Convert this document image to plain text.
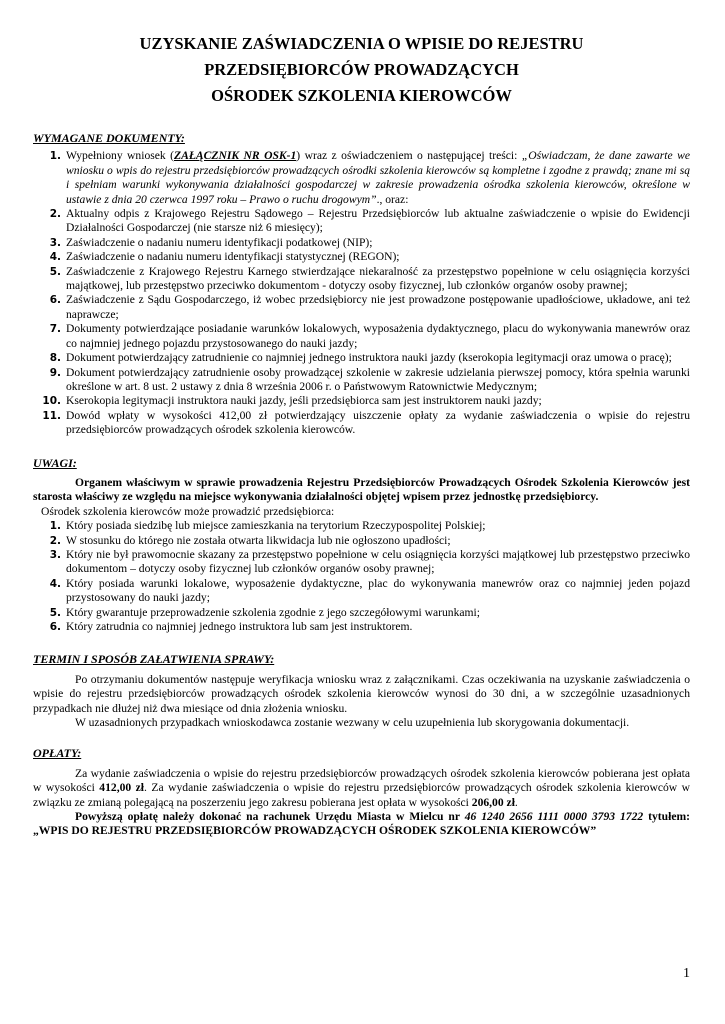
UZYSKANIE ZAŚWIADCZENIA O WPISIE DO REJESTRU

PRZEDSIĘBIORCÓW PROWADZĄCYCH

OŚRODEK SZKOLENIA KIEROWCÓW

WYMAGANE DOKUMENTY:

1. Wypełniony wniosek (ZAŁĄCZNIK NR OSK-1) wraz z oświadczeniem o następującej treści: „Oświadczam, że dane zawarte we wniosku o wpis do rejestru przedsiębiorców prowadzących ośrodki szkolenia kierowców są kompletne i zgodne z prawdą; znane mi są i spełniam warunki wykonywania działalności gospodarczej w zakresie prowadzenia ośrodka szkolenia kierowców, określone w ustawie z dnia 20 czerwca 1997 roku – Prawo o ruchu drogowym”., oraz:
2. Aktualny odpis z Krajowego Rejestru Sądowego – Rejestru Przedsiębiorców lub aktualne zaświadczenie o wpisie do Ewidencji Działalności Gospodarczej (nie starsze niż 6 miesięcy);
3. Zaświadczenie o nadaniu numeru identyfikacji podatkowej (NIP);
4. Zaświadczenie o nadaniu numeru identyfikacji statystycznej (REGON);
5. Zaświadczenie z Krajowego Rejestru Karnego stwierdzające niekaralność za przestępstwo popełnione w celu osiągnięcia korzyści majątkowej, lub przestępstwo przeciwko dokumentom - dotyczy osoby fizycznej, lub członków organów osoby prawnej;
6. Zaświadczenie z Sądu Gospodarczego, iż wobec przedsiębiorcy nie jest prowadzone postępowanie upadłościowe, układowe, ani też naprawcze;
7. Dokumenty potwierdzające posiadanie warunków lokalowych, wyposażenia dydaktycznego, placu do wykonywania manewrów oraz co najmniej jednego pojazdu przystosowanego do nauki jazdy;
8. Dokument potwierdzający zatrudnienie co najmniej jednego instruktora nauki jazdy (kserokopia legitymacji oraz umowa o pracę);
9. Dokument potwierdzający zatrudnienie osoby prowadzącej szkolenie w zakresie udzielania pierwszej pomocy, która spełnia warunki określone w art. 8 ust. 2 ustawy z dnia 8 września 2006 r. o Państwowym Ratownictwie Medycznym;
10. Kserokopia legitymacji instruktora nauki jazdy, jeśli przedsiębiorca sam jest instruktorem nauki jazdy;
11. Dowód wpłaty w wysokości 412,00 zł potwierdzający uiszczenie opłaty za wydanie zaświadczenia o wpisie do rejestru przedsiębiorców prowadzących ośrodek szkolenia kierowców.

UWAGI:

Organem właściwym w sprawie prowadzenia Rejestru Przedsiębiorców Prowadzących Ośrodek Szkolenia Kierowców jest starosta właściwy ze względu na miejsce wykonywania działalności objętej wpisem przez jednostkę przedsiębiorcy.

Ośrodek szkolenia kierowców może prowadzić przedsiębiorca:

1. Który posiada siedzibę lub miejsce zamieszkania na terytorium Rzeczypospolitej Polskiej;
2. W stosunku do którego nie została otwarta likwidacja lub nie ogłoszono upadłości;
3. Który nie był prawomocnie skazany za przestępstwo popełnione w celu osiągnięcia korzyści majątkowej lub przestępstwo przeciwko dokumentom – dotyczy osoby fizycznej lub członków organów osoby prawnej;
4. Który posiada warunki lokalowe, wyposażenie dydaktyczne, plac do wykonywania manewrów oraz co najmniej jeden pojazd przystosowany do nauki jazdy;
5. Który gwarantuje przeprowadzenie szkolenia zgodnie z jego szczegółowymi warunkami;
6. Który zatrudnia co najmniej jednego instruktora lub sam jest instruktorem.

TERMIN I SPOSÓB ZAŁATWIENIA SPRAWY:

Po otrzymaniu dokumentów następuje weryfikacja wniosku wraz z załącznikami. Czas oczekiwania na uzyskanie zaświadczenia o wpisie do rejestru przedsiębiorców prowadzących ośrodek szkolenia kierowców wynosi do 30 dni, a w szczególnie uzasadnionych przypadkach nie dłużej niż dwa miesiące od dnia złożenia wniosku.

W uzasadnionych przypadkach wnioskodawca zostanie wezwany w celu uzupełnienia lub skorygowania dokumentacji.

OPŁATY:

Za wydanie zaświadczenia o wpisie do rejestru przedsiębiorców prowadzących ośrodek szkolenia kierowców pobierana jest opłata w wysokości 412,00 zł. Za wydanie zaświadczenia o wpisie do rejestru przedsiębiorców prowadzących ośrodek szkolenia kierowców w związku ze zmianą polegającą na poszerzeniu jego zakresu pobierana jest opłata w wysokości 206,00 zł.

Powyższą opłatę należy dokonać na rachunek Urzędu Miasta w Mielcu nr 46 1240 2656 1111 0000 3793 1722 tytułem: „WPIS DO REJESTRU PRZEDSIĘBIORCÓW PROWADZĄCYCH OŚRODEK SZKOLENIA KIEROWCÓW”

1
